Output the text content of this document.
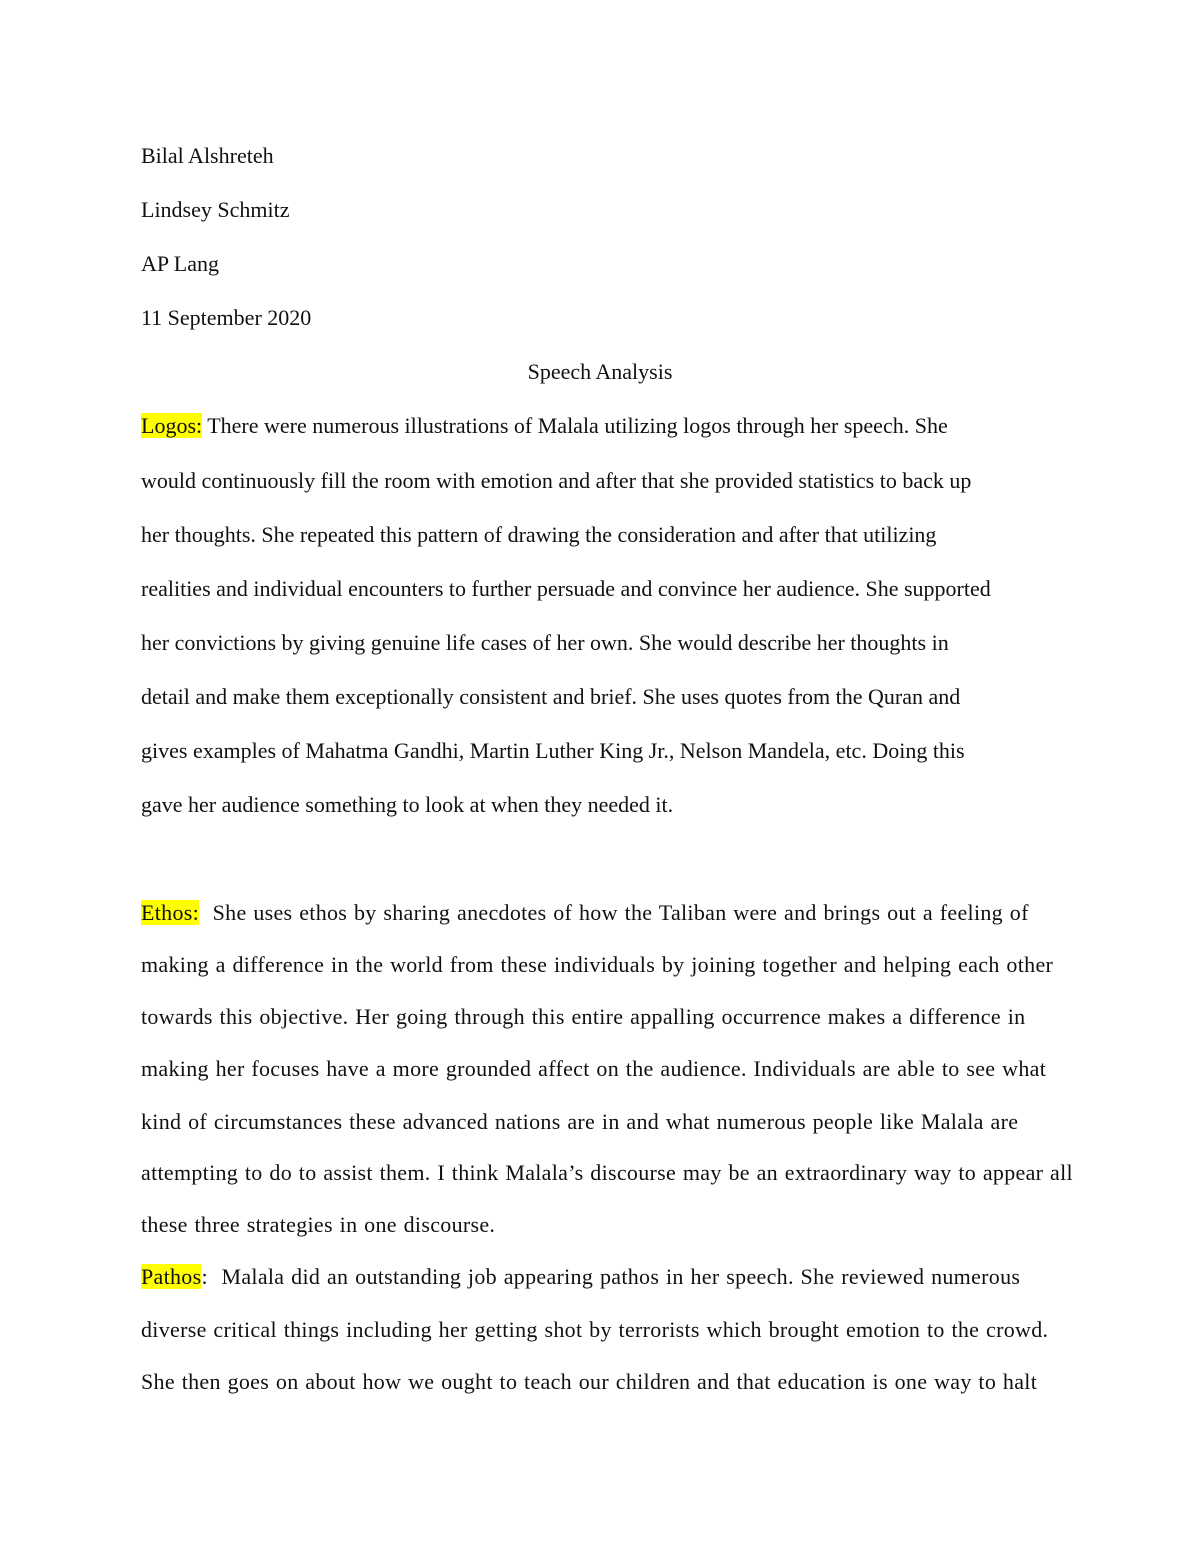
Bilal Alshreteh

Lindsey Schmitz

AP Lang

11 September 2020

Speech Analysis

Logos: There were numerous illustrations of Malala utilizing logos through her speech. She

would continuously fill the room with emotion and after that she provided statistics to back up

her thoughts. She repeated this pattern of drawing the consideration and after that utilizing

realities and individual encounters to further persuade and convince her audience. She supported

her convictions by giving genuine life cases of her own. She would describe her thoughts in

detail and make them exceptionally consistent and brief. She uses quotes from the Quran and

gives examples of Mahatma Gandhi, Martin Luther King Jr., Nelson Mandela, etc. Doing this

gave her audience something to look at when they needed it.

Ethos:  She uses ethos by sharing anecdotes of how the Taliban were and brings out a feeling of

making a difference in the world from these individuals by joining together and helping each other

towards this objective. Her going through this entire appalling occurrence makes a difference in

making her focuses have a more grounded affect on the audience. Individuals are able to see what

kind of circumstances these advanced nations are in and what numerous people like Malala are

attempting to do to assist them. I think Malala’s discourse may be an extraordinary way to appear all

these three strategies in one discourse.

Pathos:  Malala did an outstanding job appearing pathos in her speech. She reviewed numerous

diverse critical things including her getting shot by terrorists which brought emotion to the crowd.

She then goes on about how we ought to teach our children and that education is one way to halt
